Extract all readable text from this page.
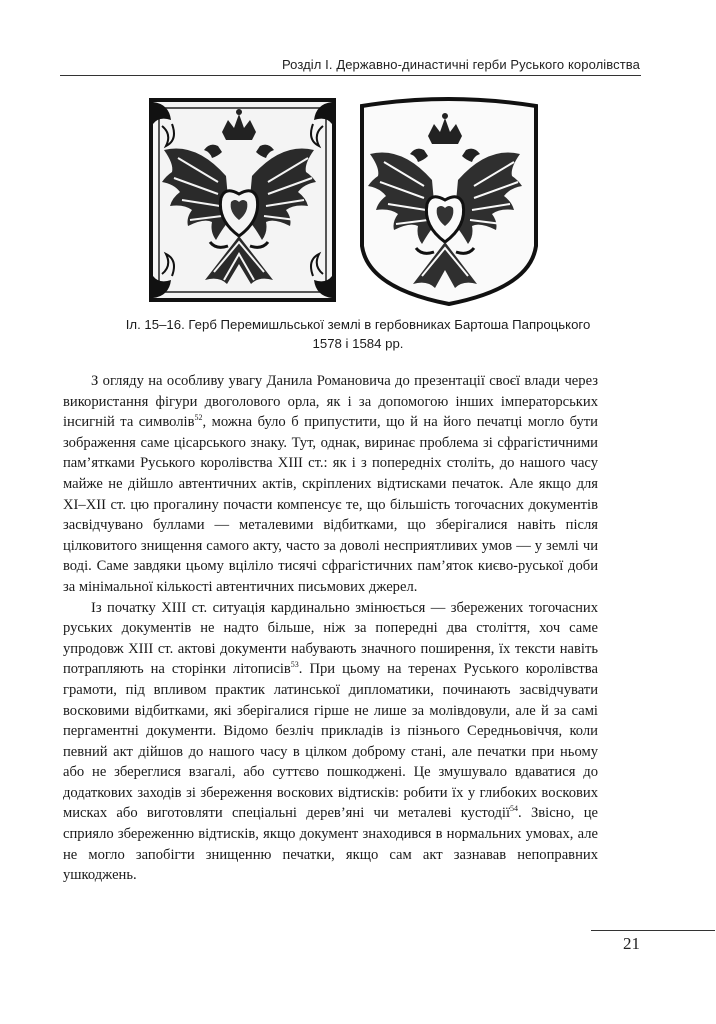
Розділ І. Державно-династичні герби Руського королівства
Іл. 15–16. Герб Перемишльської землі в гербовниках Бартоша Папроцького
1578 і 1584 рр.

З огляду на особливу увагу Данила Романовича до презентації своєї влади через використання фігури двоголового орла, як і за допомогою інших імператорських інсигній та символів$^{52}$, можна було б припустити, що й на його печатці могло бути зображення саме цісарського знаку. Тут, однак, виринає проблема зі сфрагістичними пам’ятками Руського королівства XIII ст.: як і з попередніх століть, до нашого часу майже не дійшло автентичних актів, скріплених відтисками печаток. Але якщо для XI–XII ст. цю прогалину почасти компенсує те, що більшість тогочасних документів засвідчувано буллами — металевими відбитками, що зберігалися навіть після цілковитого знищення самого акту, часто за доволі несприятливих умов — у землі чи воді. Саме завдяки цьому вціліло тисячі сфрагістичних пам’яток києво-руської доби за мінімальної кількості автентичних письмових джерел.

Із початку XIII ст. ситуація кардинально змінюється — збережених тогочасних руських документів не надто більше, ніж за попередні два століття, хоч саме упродовж XIII ст. актові документи набувають значного поширення, їх тексти навіть потрапляють на сторінки літописів$^{53}$. При цьому на теренах Руського королівства грамоти, під впливом практик латинської дипломатики, починають засвідчувати восковими відбитками, які зберігалися гірше не лише за молівдовули, але й за самі пергаментні документи. Відомо безліч прикладів із пізнього Середньовіччя, коли певний акт дійшов до нашого часу в цілком доброму стані, але печатки при ньому або не збереглися взагалі, або суттєво пошкоджені. Це змушувало вдаватися до додаткових заходів зі збереження воскових відтисків: робити їх у глибоких воскових мисках або виготовляти спеціальні дерев’яні чи металеві кустодії$^{54}$. Звісно, це сприяло збереженню відтисків, якщо документ знаходився в нормальних умовах, але не могло запобігти знищенню печатки, якщо сам акт зазнавав непоправних ушкоджень.

21
